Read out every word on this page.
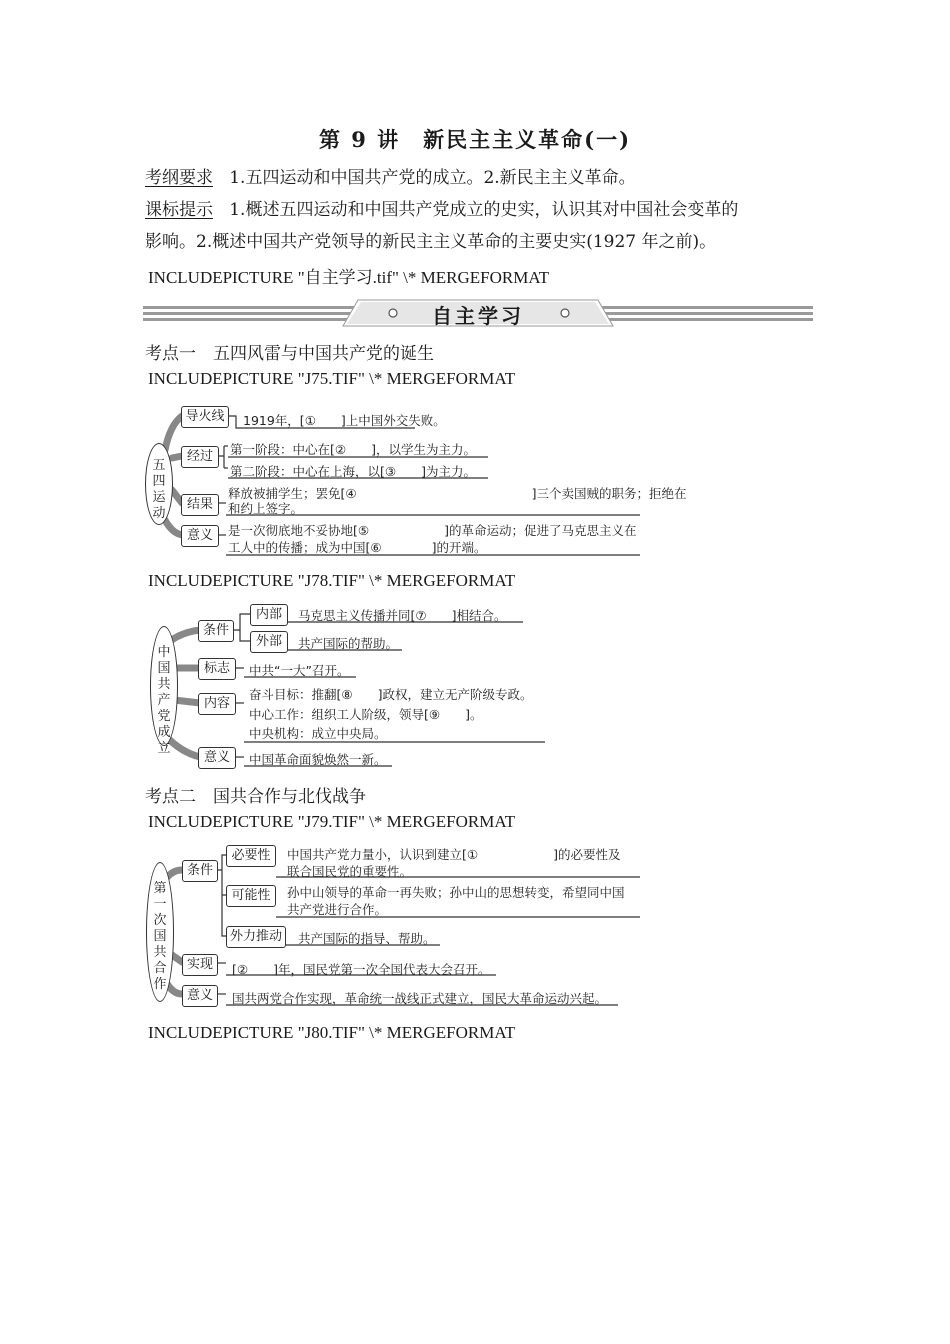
第 9 讲　新民主主义革命(一)
考纲要求 1.五四运动和中国共产党的成立。2.新民主主义革命。
课标提示 1.概述五四运动和中国共产党成立的史实，认识其对中国社会变革的
影响。2.概述中国共产党领导的新民主主义革命的主要史实(1927 年之前)。
INCLUDEPICTURE "自主学习.tif" \* MERGEFORMAT
自主学习
考点一　五四风雷与中国共产党的诞生
INCLUDEPICTURE "J75.TIF" \* MERGEFORMAT
五四运动
导火线
经过
结果
意义
1919年，[①　　]上中国外交失败。
第一阶段：中心在[②　　]，以学生为主力。
第二阶段：中心在上海，以[③　　]为主力。
释放被捕学生；罢免[④　　　　　　　　　　　　　　]三个卖国贼的职务；拒绝在
和约上签字。
是一次彻底地不妥协地[⑤　　　　　　]的革命运动；促进了马克思主义在
工人中的传播；成为中国[⑥　　　　]的开端。
INCLUDEPICTURE "J78.TIF" \* MERGEFORMAT
中国共产党成立
条件
内部
外部
标志
内容
意义
马克思主义传播并同[⑦　　]相结合。
共产国际的帮助。
中共“一大”召开。
奋斗目标：推翻[⑧　　]政权，建立无产阶级专政。
中心工作：组织工人阶级，领导[⑨　　]。
中央机构：成立中央局。
中国革命面貌焕然一新。
考点二　国共合作与北伐战争
INCLUDEPICTURE "J79.TIF" \* MERGEFORMAT
第一次国共合作
条件
必要性
可能性
外力推动
实现
意义
中国共产党力量小，认识到建立[①　　　　　　]的必要性及
联合国民党的重要性。
孙中山领导的革命一再失败；孙中山的思想转变，希望同中国
共产党进行合作。
共产国际的指导、帮助。
[②　　]年，国民党第一次全国代表大会召开。
国共两党合作实现，革命统一战线正式建立，国民大革命运动兴起。
INCLUDEPICTURE "J80.TIF" \* MERGEFORMAT
